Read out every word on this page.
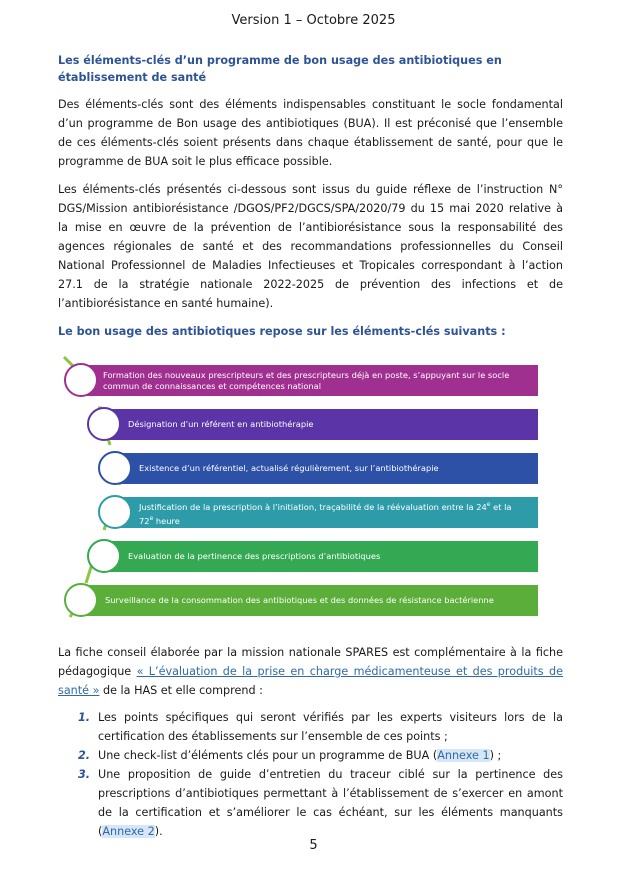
Version 1 – Octobre 2025

Les éléments-clés d’un programme de bon usage des antibiotiques en établissement de santé

Des éléments-clés sont des éléments indispensables constituant le socle fondamental d’un programme de Bon usage des antibiotiques (BUA). Il est préconisé que l’ensemble de ces éléments-clés soient présents dans chaque établissement de santé, pour que le programme de BUA soit le plus efficace possible.

Les éléments-clés présentés ci-dessous sont issus du guide réflexe de l’instruction N° DGS/Mission antibiorésistance /DGOS/PF2/DGCS/SPA/2020/79 du 15 mai 2020 relative à la mise en œuvre de la prévention de l’antibiorésistance sous la responsabilité des agences régionales de santé et des recommandations professionnelles du Conseil National Professionnel de Maladies Infectieuses et Tropicales correspondant à l’action 27.1 de la stratégie nationale 2022-2025 de prévention des infections et de l’antibiorésistance en santé humaine).

Le bon usage des antibiotiques repose sur les éléments-clés suivants :

Formation des nouveaux prescripteurs et des prescripteurs déjà en poste, s’appuyant sur le socle commun de connaissances et compétences national
Désignation d’un référent en antibiothérapie
Existence d’un référentiel, actualisé régulièrement, sur l’antibiothérapie
Justification de la prescription à l’initiation, traçabilité de la réévaluation entre la 24e et la 72e heure
Evaluation de la pertinence des prescriptions d’antibiotiques
Surveillance de la consommation des antibiotiques et des données de résistance bactérienne

La fiche conseil élaborée par la mission nationale SPARES est complémentaire à la fiche pédagogique « L’évaluation de la prise en charge médicamenteuse et des produits de santé » de la HAS et elle comprend :

1. Les points spécifiques qui seront vérifiés par les experts visiteurs lors de la certification des établissements sur l’ensemble de ces points ;
2. Une check-list d’éléments clés pour un programme de BUA (Annexe 1) ;
3. Une proposition de guide d’entretien du traceur ciblé sur la pertinence des prescriptions d’antibiotiques permettant à l’établissement de s’exercer en amont de la certification et s’améliorer le cas échéant, sur les éléments manquants (Annexe 2).
5
